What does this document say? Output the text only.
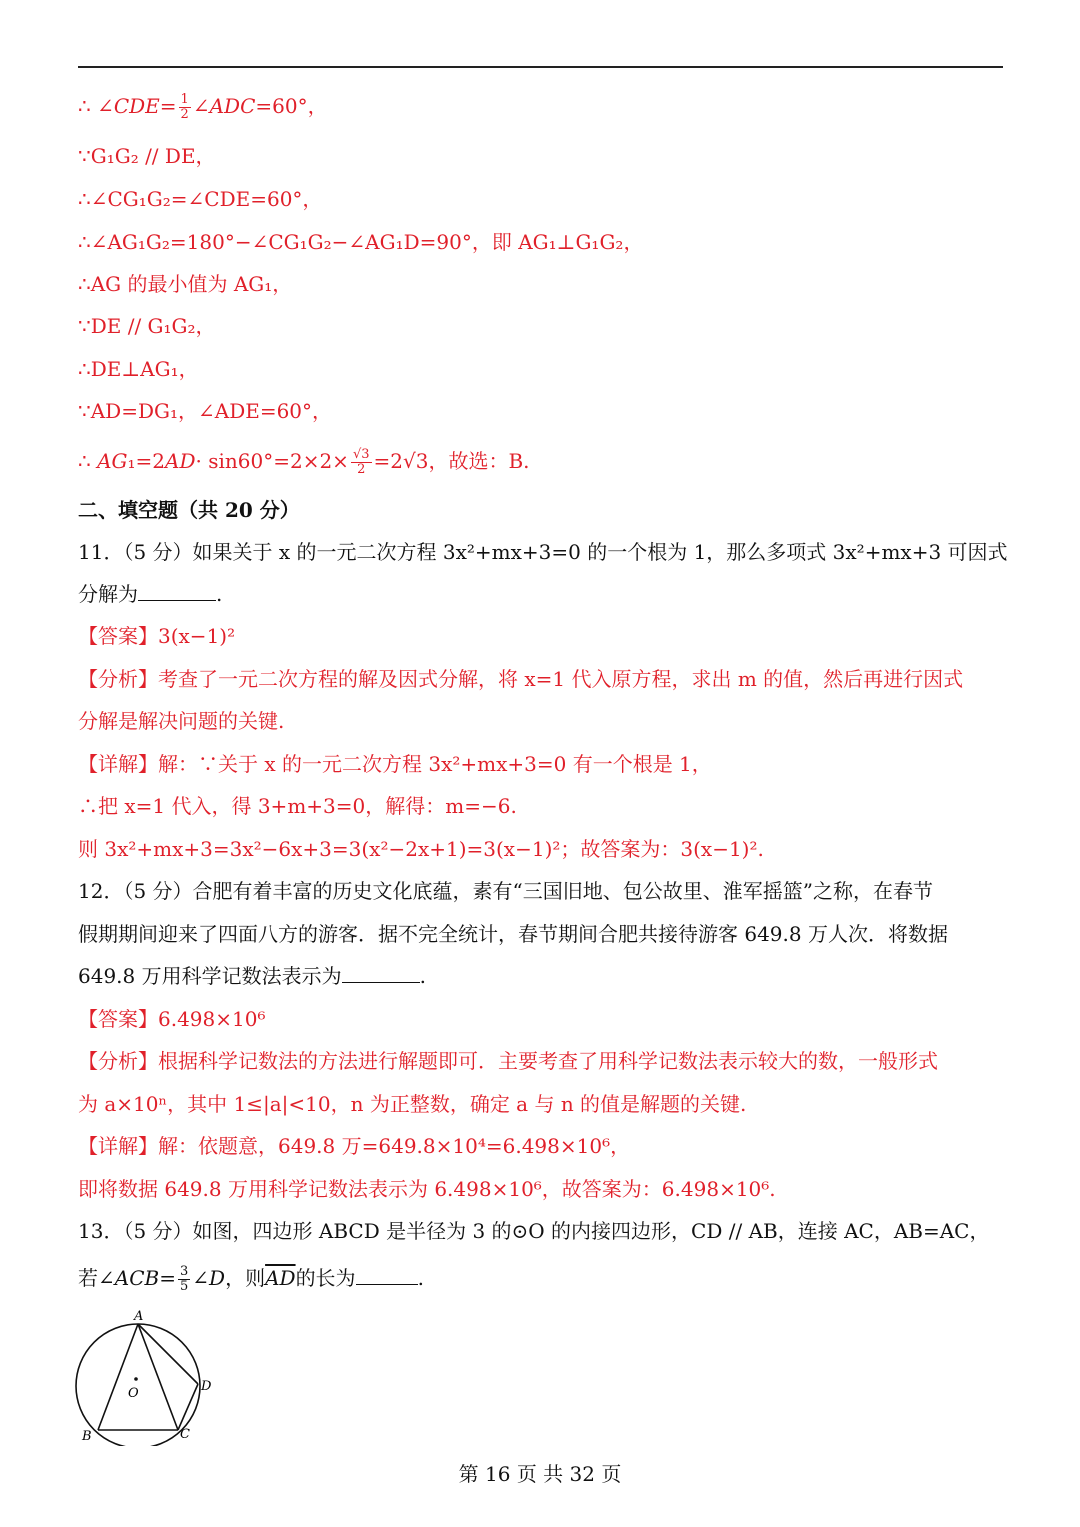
∴ ∠CDE= $\frac{1}{2}$ ∠ADC=60°，
∵G₁G₂ // DE，
∴∠CG₁G₂=∠CDE=60°，
∴∠AG₁G₂=180°−∠CG₁G₂−∠AG₁D=90°，即 AG₁⊥G₁G₂，
∴AG 的最小值为 AG₁，
∵DE // G₁G₂，
∴DE⊥AG₁，
∵AD=DG₁，∠ADE=60°，
∴ $AG_1=2AD\cdot \sin 60^\circ=2\times 2\times \frac{√3}{2} =2√3$，故选：B.
二、填空题（共 20 分）
11．（5 分）如果关于 x 的一元二次方程 3x²+mx+3=0 的一个根为 1，那么多项式 3x²+mx+3 可因式
分解为	.
【答案】3(x−1)²
【分析】考查了一元二次方程的解及因式分解，将 x=1 代入原方程，求出 m 的值，然后再进行因式
分解是解决问题的关键.
【详解】解：∵关于 x 的一元二次方程 3x²+mx+3=0 有一个根是 1，
∴把 x=1 代入，得 3+m+3=0，解得：m=−6.
则 3x²+mx+3=3x²−6x+3=3(x²−2x+1)=3(x−1)²；故答案为：3(x−1)².
12．（5 分）合肥有着丰富的历史文化底蕴，素有“三国旧地、包公故里、淮军摇篮”之称，在春节
假期期间迎来了四面八方的游客．据不完全统计，春节期间合肥共接待游客 649.8 万人次．将数据
649.8 万用科学记数法表示为	.
【答案】6.498×10⁶
【分析】根据科学记数法的方法进行解题即可．主要考查了用科学记数法表示较大的数，一般形式
为 a×10ⁿ，其中 1≤|a|<10，n 为正整数，确定 a 与 n 的值是解题的关键.
【详解】解：依题意，649.8 万=649.8×10⁴=6.498×10⁶，
即将数据 649.8 万用科学记数法表示为 6.498×10⁶，故答案为：6.498×10⁶.
13．（5 分）如图，四边形 ABCD 是半径为 3 的⊙O 的内接四边形，CD // AB，连接 AC，AB=AC，
若∠ACB= $\frac{3}{5}$ ∠D，则$\overline{AD}$的长为	.
A
B	C
D
O
第 16 页 共 32 页
